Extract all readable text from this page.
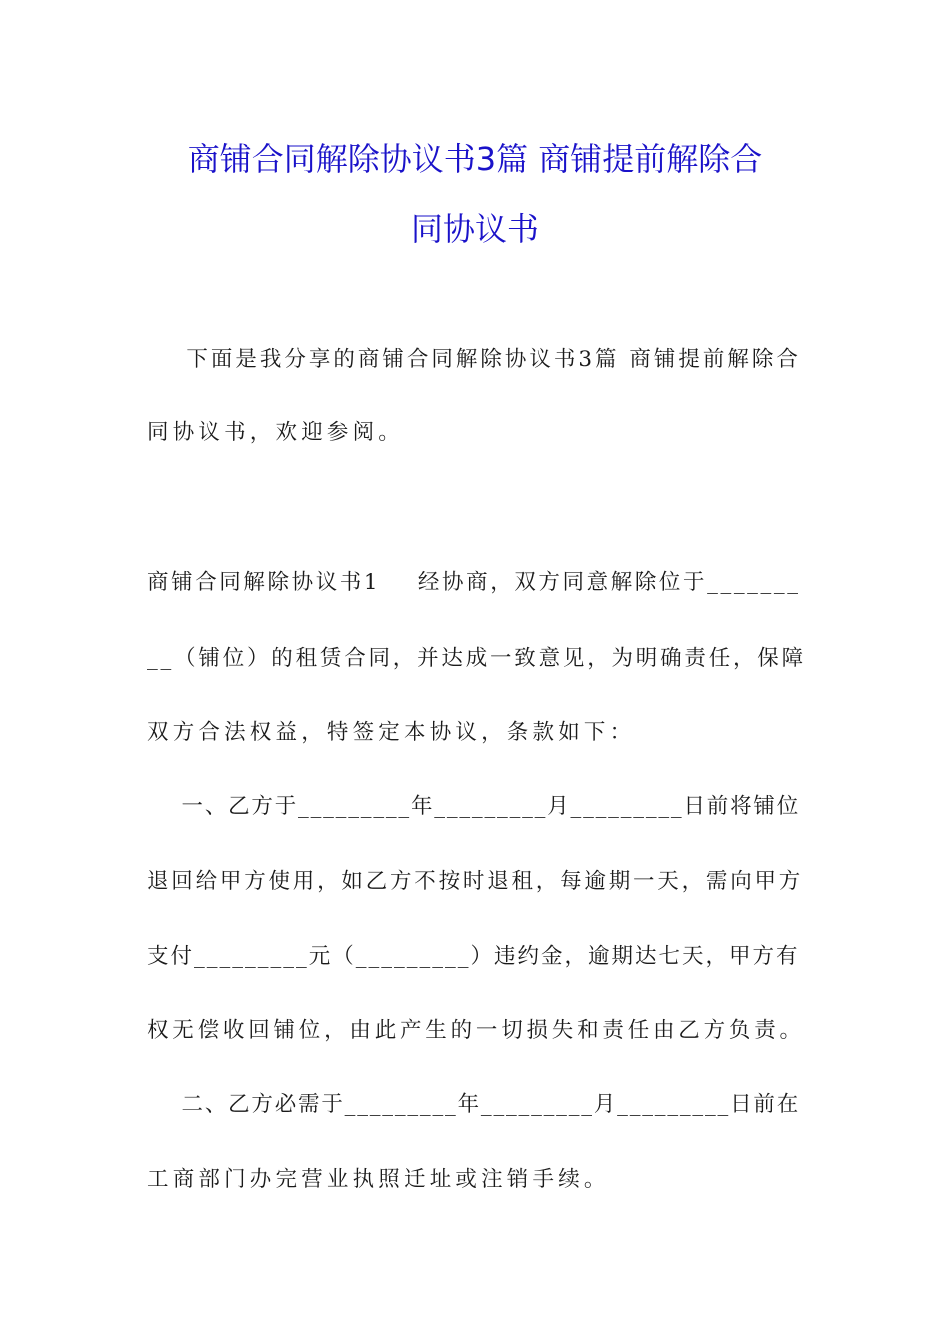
商铺合同解除协议书3篇 商铺提前解除合
同协议书
下面是我分享的商铺合同解除协议书3篇 商铺提前解除合
同协议书，欢迎参阅。
商铺合同解除协议书1    经协商，双方同意解除位于_______
__（铺位）的租赁合同，并达成一致意见，为明确责任，保障
双方合法权益，特签定本协议，条款如下：
一、乙方于_________年_________月_________日前将铺位
退回给甲方使用，如乙方不按时退租，每逾期一天，需向甲方
支付_________元（_________）违约金，逾期达七天，甲方有
权无偿收回铺位，由此产生的一切损失和责任由乙方负责。
二、乙方必需于_________年_________月_________日前在
工商部门办完营业执照迁址或注销手续。
